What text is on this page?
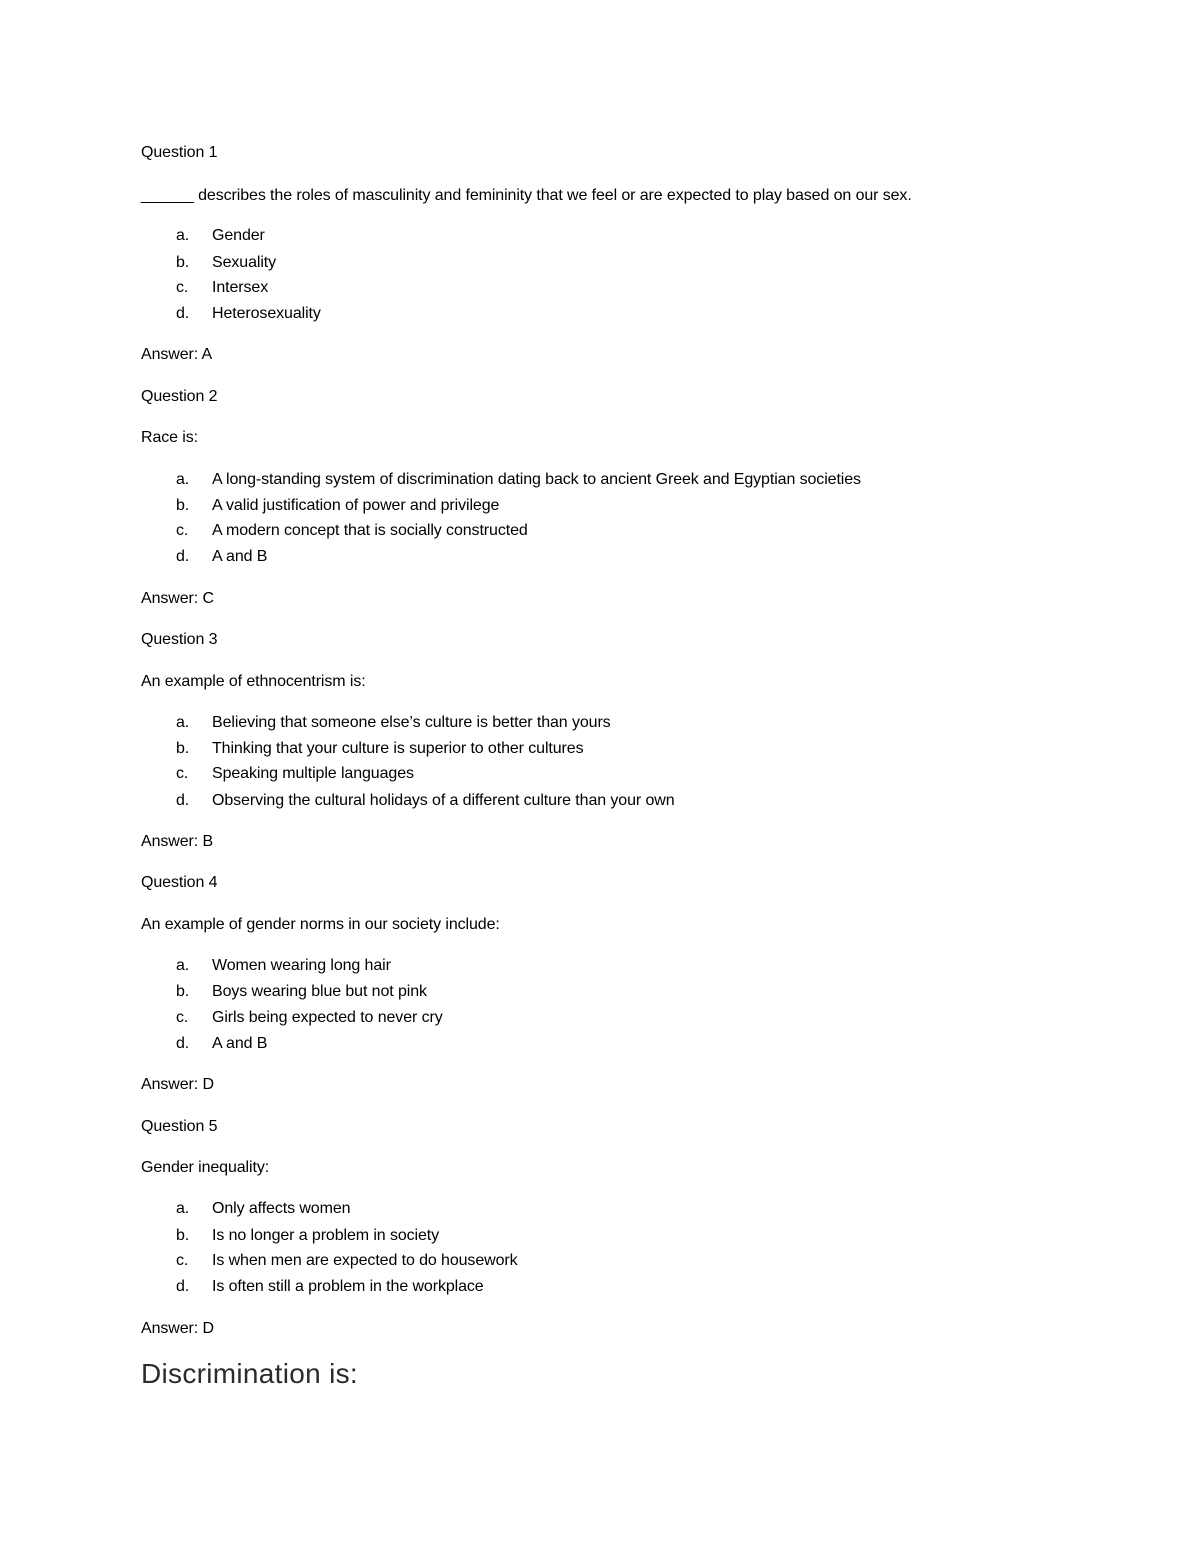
Question 1
______ describes the roles of masculinity and femininity that we feel or are expected to play based on our sex.
a. Gender
b. Sexuality
c. Intersex
d. Heterosexuality
Answer: A
Question 2
Race is:
a. A long-standing system of discrimination dating back to ancient Greek and Egyptian societies
b. A valid justification of power and privilege
c. A modern concept that is socially constructed
d. A and B
Answer: C
Question 3
An example of ethnocentrism is:
a. Believing that someone else’s culture is better than yours
b. Thinking that your culture is superior to other cultures
c. Speaking multiple languages
d. Observing the cultural holidays of a different culture than your own
Answer: B
Question 4
An example of gender norms in our society include:
a. Women wearing long hair
b. Boys wearing blue but not pink
c. Girls being expected to never cry
d. A and B
Answer: D
Question 5
Gender inequality:
a. Only affects women
b. Is no longer a problem in society
c. Is when men are expected to do housework
d. Is often still a problem in the workplace
Answer: D
Discrimination is:
